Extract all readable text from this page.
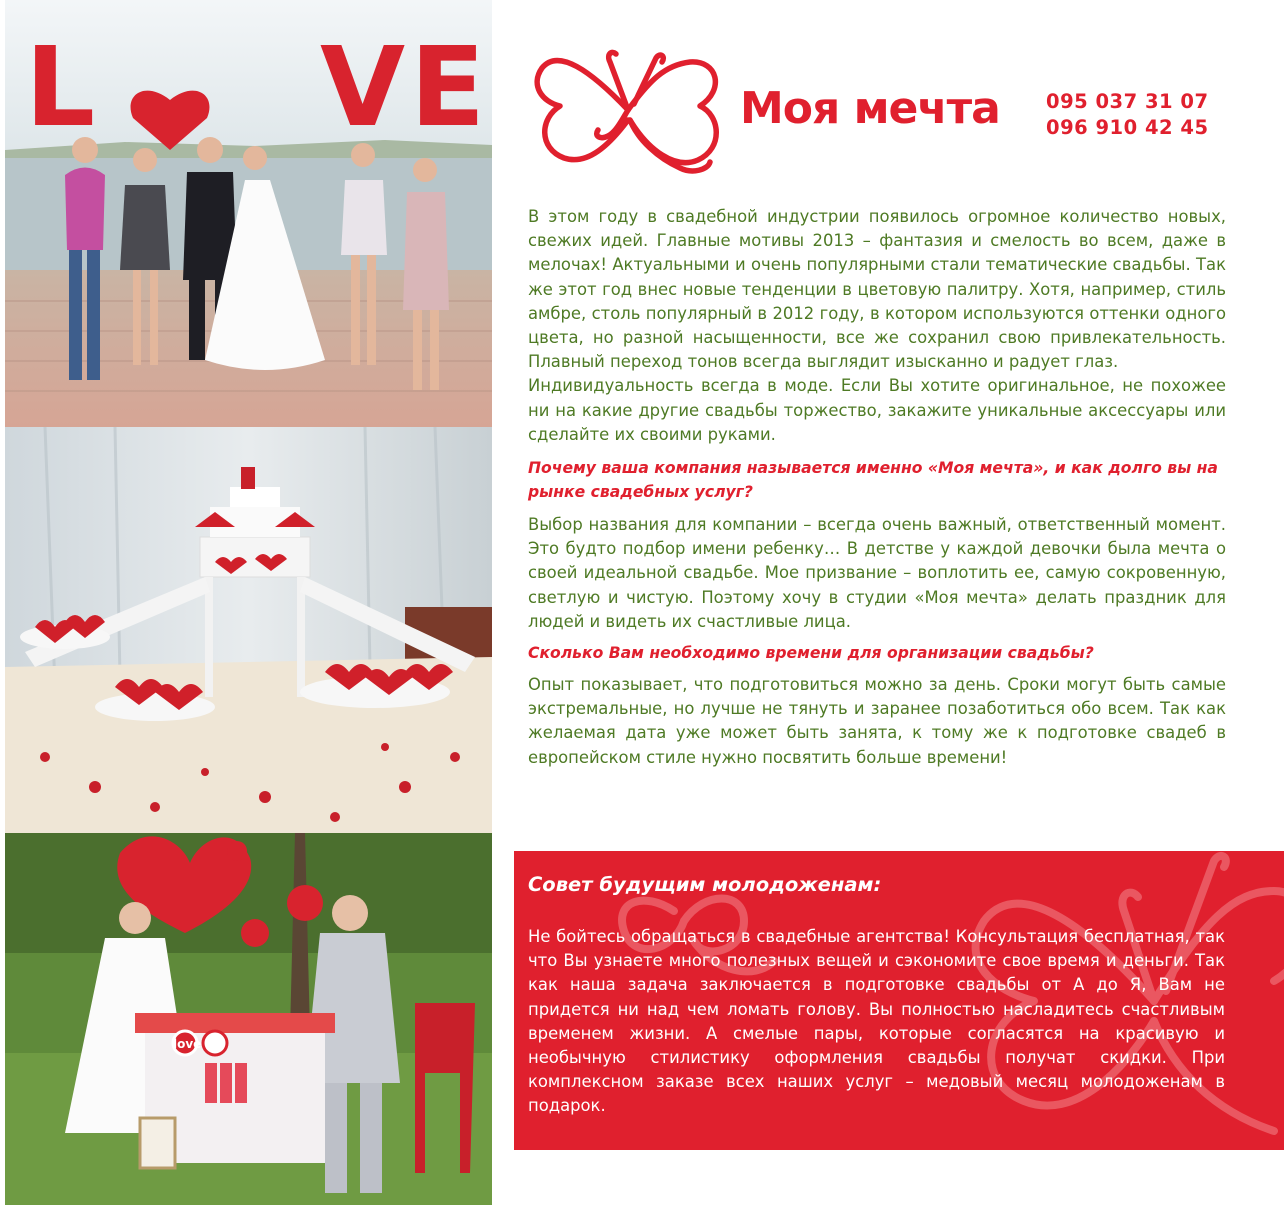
L V E
love
Моя мечта 095 037 31 07
096 910 42 45

В этом году в свадебной индустрии появилось огромное количество новых, свежих идей. Главные мотивы 2013 – фантазия и смелость во всем, даже в мелочах! Актуальными и очень популярными стали тематические свадьбы. Так же этот год внес новые тенденции в цветовую палитру. Хотя, например, стиль амбре, столь популярный в 2012 году, в котором используются оттенки одного цвета, но разной насыщенности, все же сохранил свою привлекательность. Плавный переход тонов всегда выглядит изысканно и радует глаз.

Индивидуальность всегда в моде. Если Вы хотите оригинальное, не похожее ни на какие другие свадьбы торжество, закажите уникальные аксессуары или сделайте их своими руками.

Почему ваша компания называется именно «Моя мечта», и как долго вы на рынке свадебных услуг?

Выбор названия для компании – всегда очень важный, ответственный момент. Это будто подбор имени ребенку… В детстве у каждой девочки была мечта о своей идеальной свадьбе. Мое призвание – воплотить ее, самую сокровенную, светлую и чистую. Поэтому хочу в студии «Моя мечта» делать праздник для людей и видеть их счастливые лица.

Сколько Вам необходимо времени для организации свадьбы?

Опыт показывает, что подготовиться можно за день. Сроки могут быть самые экстремальные, но лучше не тянуть и заранее позаботиться обо всем. Так как желаемая дата уже может быть занята, к тому же к подготовке свадеб в европейском стиле нужно посвятить больше времени!

Совет будущим молодоженам:

Не бойтесь обращаться в свадебные агентства! Консультация бесплатная, так что Вы узнаете много полезных вещей и сэкономите свое время и деньги. Так как наша задача заключается в подготовке свадьбы от А до Я, Вам не придется ни над чем ломать голову. Вы полностью насладитесь счастливым временем жизни. А смелые пары, которые согласятся на красивую и необычную стилистику оформления свадьбы получат скидки. При комплексном заказе всех наших услуг – медовый месяц молодоженам в подарок.
